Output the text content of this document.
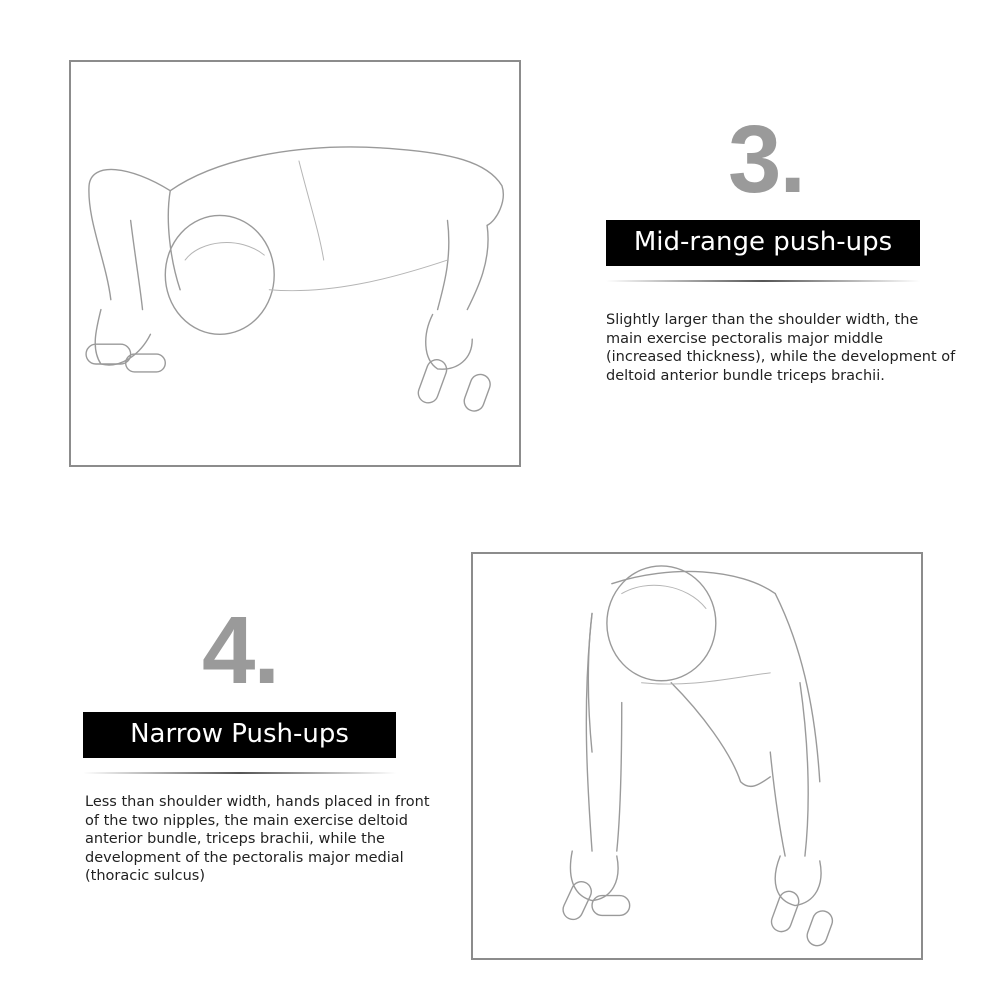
3.
Mid-range push-ups

Slightly larger than the shoulder width, the main exercise pectoralis major middle (increased thickness), while the development of deltoid anterior bundle triceps brachii.

4.
Narrow Push-ups

Less than shoulder width, hands placed in front of the two nipples, the main exercise deltoid anterior bundle, triceps brachii, while the development of the pectoralis major medial (thoracic sulcus)
